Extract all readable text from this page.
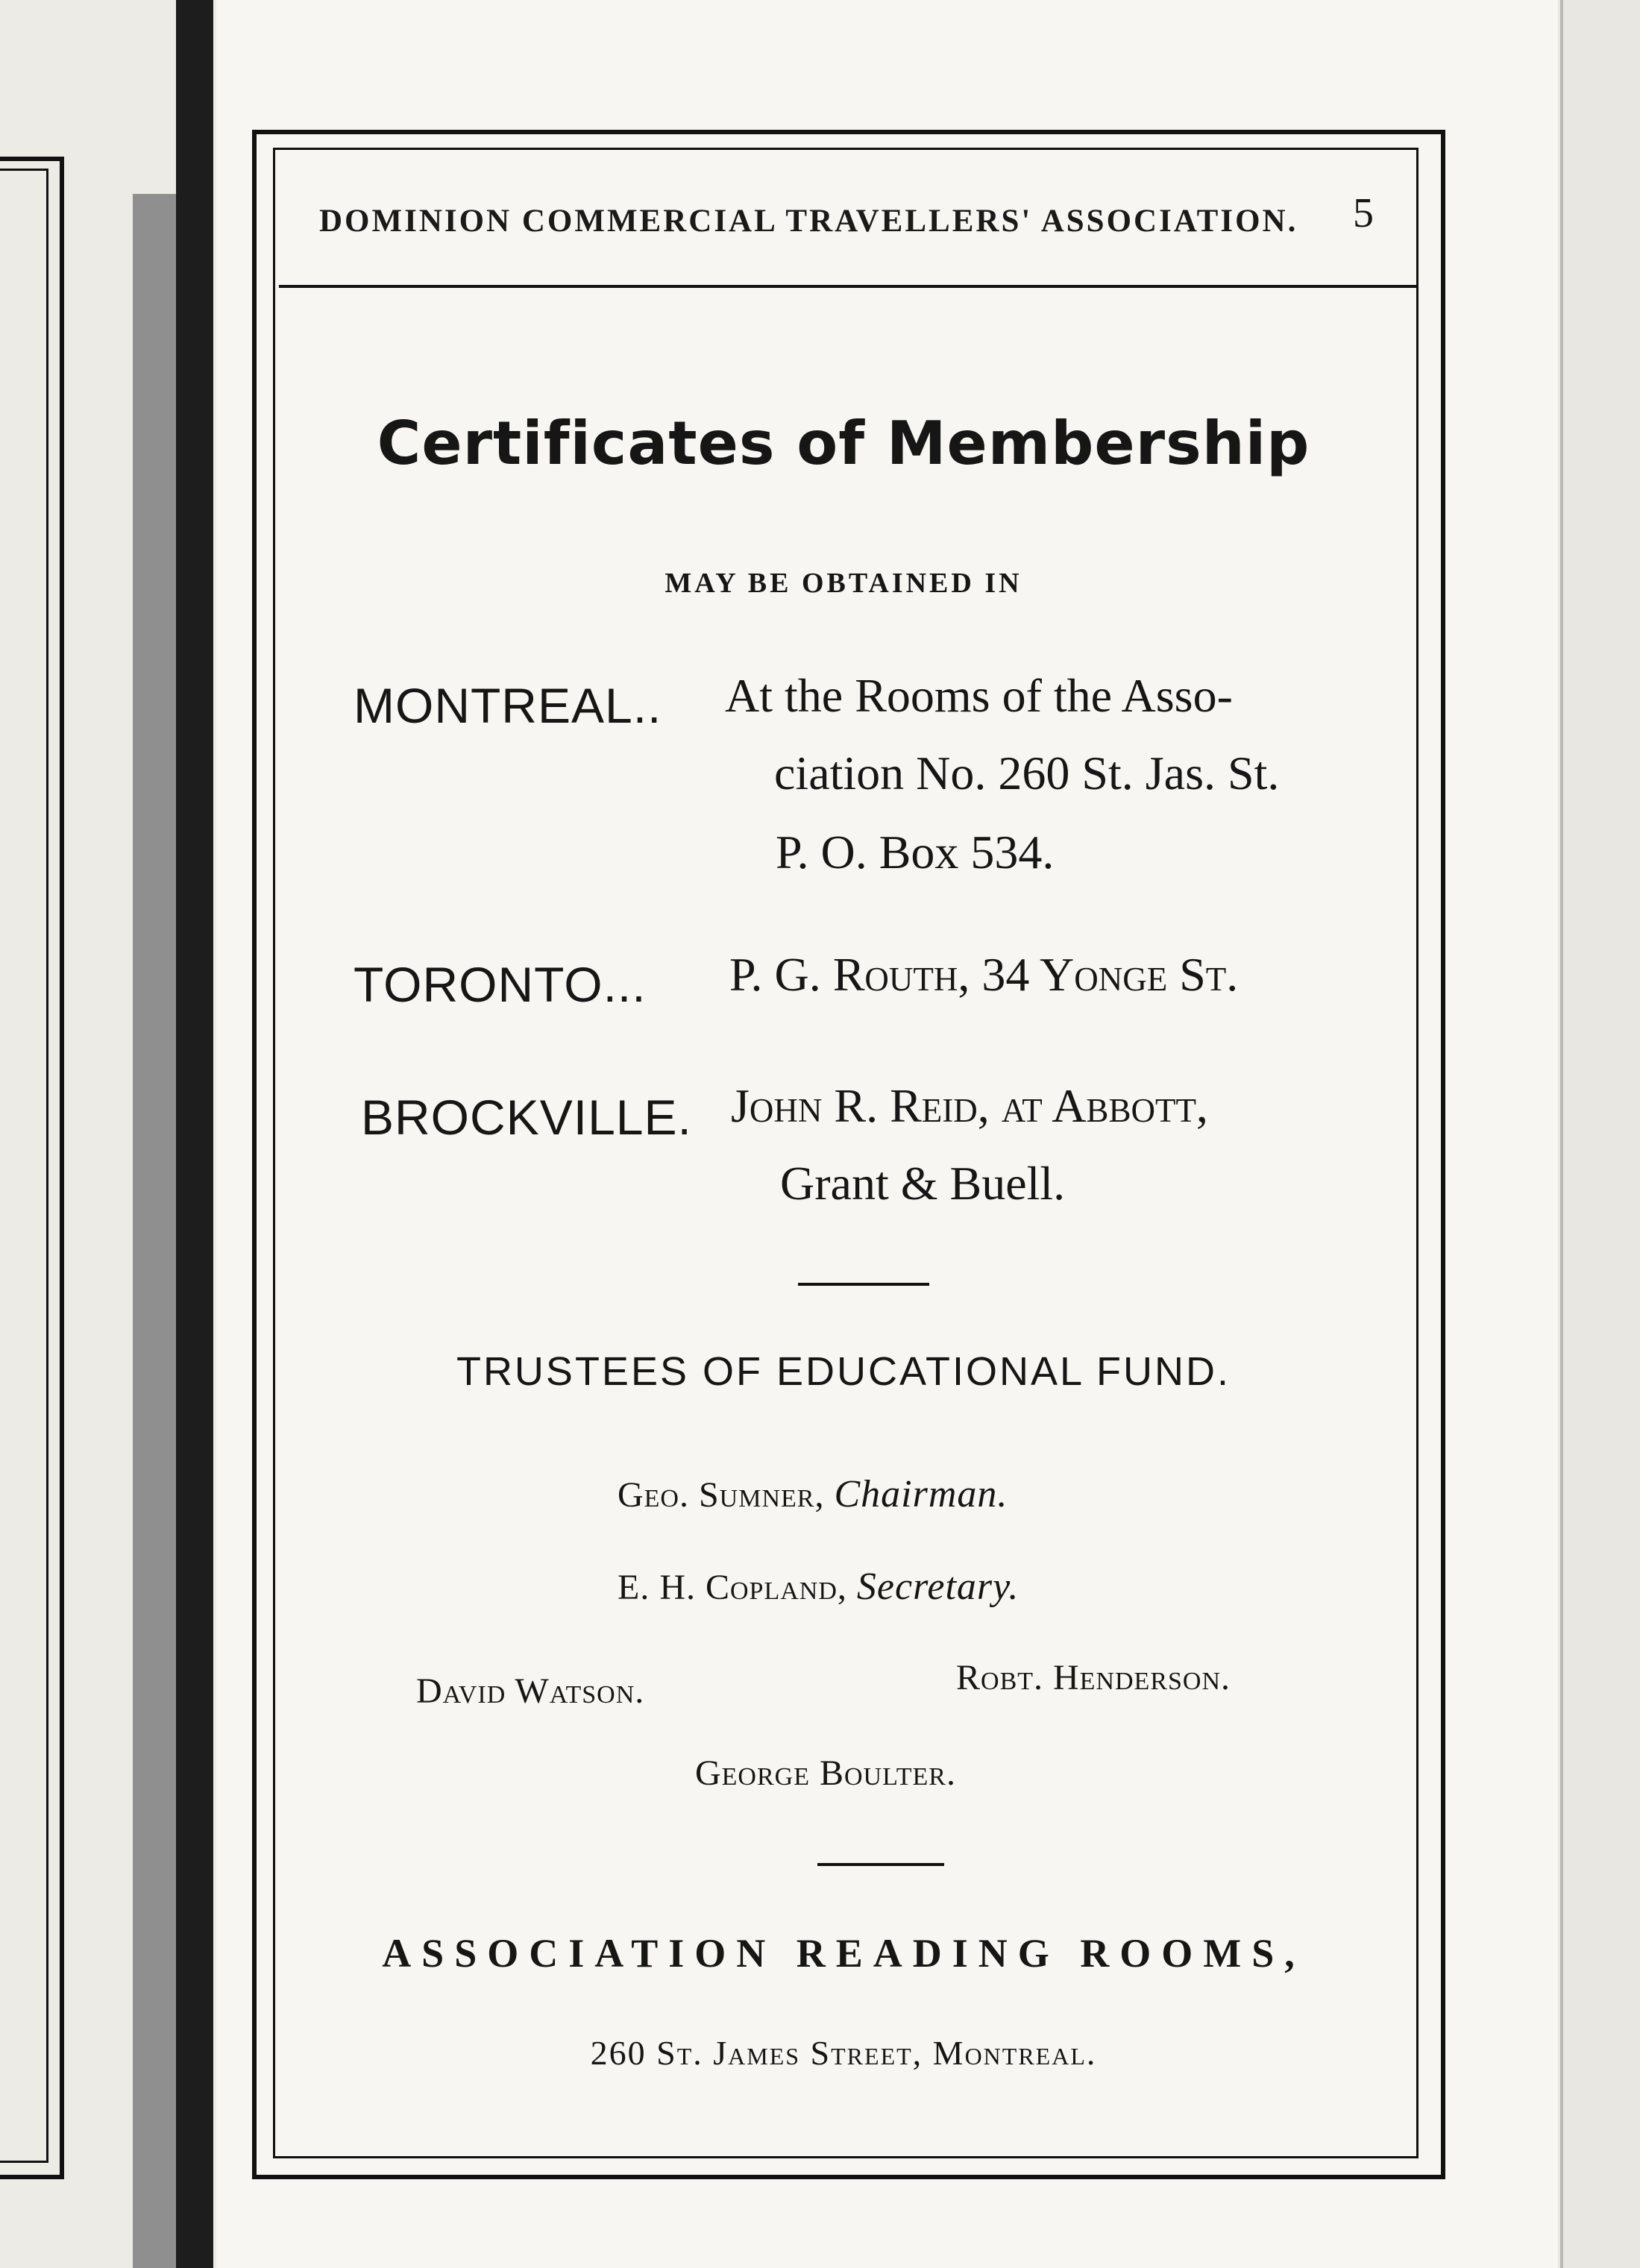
DOMINION COMMERCIAL TRAVELLERS' ASSOCIATION. 5
Certificates of Membership
MAY BE OBTAINED IN
MONTREAL.. At the Rooms of the Asso-
ciation No. 260 St. Jas. St.
P. O. Box 534.
TORONTO... P. G. Routh, 34 Yonge St.
BROCKVILLE. John R. Reid, at Abbott,
Grant & Buell.
TRUSTEES OF EDUCATIONAL FUND.
Geo. Sumner, Chairman.
E. H. Copland, Secretary.
David Watson.	Robt. Henderson.
George Boulter.
ASSOCIATION READING ROOMS,
260 St. James Street, Montreal.
